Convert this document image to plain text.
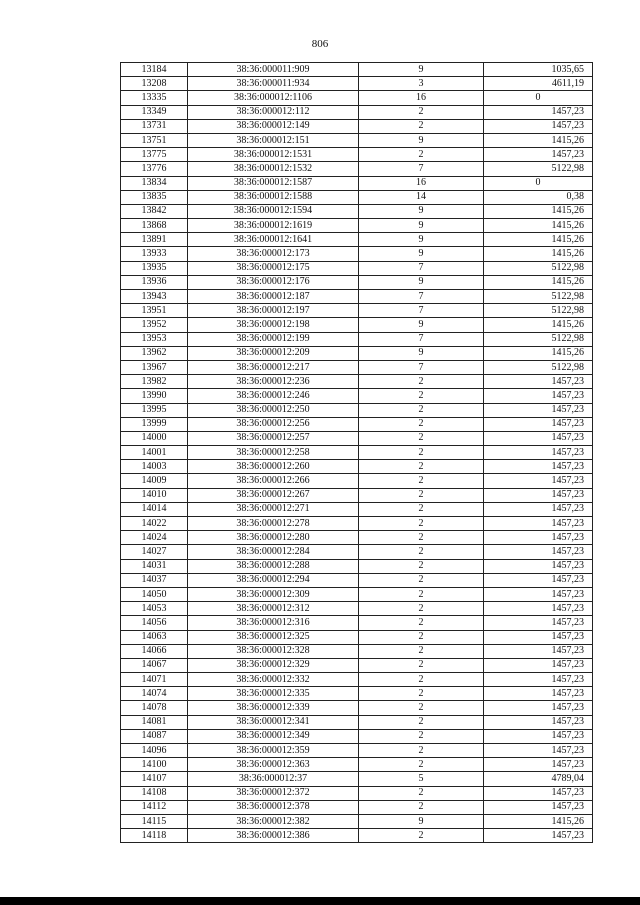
806
13184	38:36:000011:909	9	1035,65
13208	38:36:000011:934	3	4611,19
13335	38:36:000012:1106	16	0
13349	38:36:000012:112	2	1457,23
13731	38:36:000012:149	2	1457,23
13751	38:36:000012:151	9	1415,26
13775	38:36:000012:1531	2	1457,23
13776	38:36:000012:1532	7	5122,98
13834	38:36:000012:1587	16	0
13835	38:36:000012:1588	14	0,38
13842	38:36:000012:1594	9	1415,26
13868	38:36:000012:1619	9	1415,26
13891	38:36:000012:1641	9	1415,26
13933	38:36:000012:173	9	1415,26
13935	38:36:000012:175	7	5122,98
13936	38:36:000012:176	9	1415,26
13943	38:36:000012:187	7	5122,98
13951	38:36:000012:197	7	5122,98
13952	38:36:000012:198	9	1415,26
13953	38:36:000012:199	7	5122,98
13962	38:36:000012:209	9	1415,26
13967	38:36:000012:217	7	5122,98
13982	38:36:000012:236	2	1457,23
13990	38:36:000012:246	2	1457,23
13995	38:36:000012:250	2	1457,23
13999	38:36:000012:256	2	1457,23
14000	38:36:000012:257	2	1457,23
14001	38:36:000012:258	2	1457,23
14003	38:36:000012:260	2	1457,23
14009	38:36:000012:266	2	1457,23
14010	38:36:000012:267	2	1457,23
14014	38:36:000012:271	2	1457,23
14022	38:36:000012:278	2	1457,23
14024	38:36:000012:280	2	1457,23
14027	38:36:000012:284	2	1457,23
14031	38:36:000012:288	2	1457,23
14037	38:36:000012:294	2	1457,23
14050	38:36:000012:309	2	1457,23
14053	38:36:000012:312	2	1457,23
14056	38:36:000012:316	2	1457,23
14063	38:36:000012:325	2	1457,23
14066	38:36:000012:328	2	1457,23
14067	38:36:000012:329	2	1457,23
14071	38:36:000012:332	2	1457,23
14074	38:36:000012:335	2	1457,23
14078	38:36:000012:339	2	1457,23
14081	38:36:000012:341	2	1457,23
14087	38:36:000012:349	2	1457,23
14096	38:36:000012:359	2	1457,23
14100	38:36:000012:363	2	1457,23
14107	38:36:000012:37	5	4789,04
14108	38:36:000012:372	2	1457,23
14112	38:36:000012:378	2	1457,23
14115	38:36:000012:382	9	1415,26
14118	38:36:000012:386	2	1457,23
